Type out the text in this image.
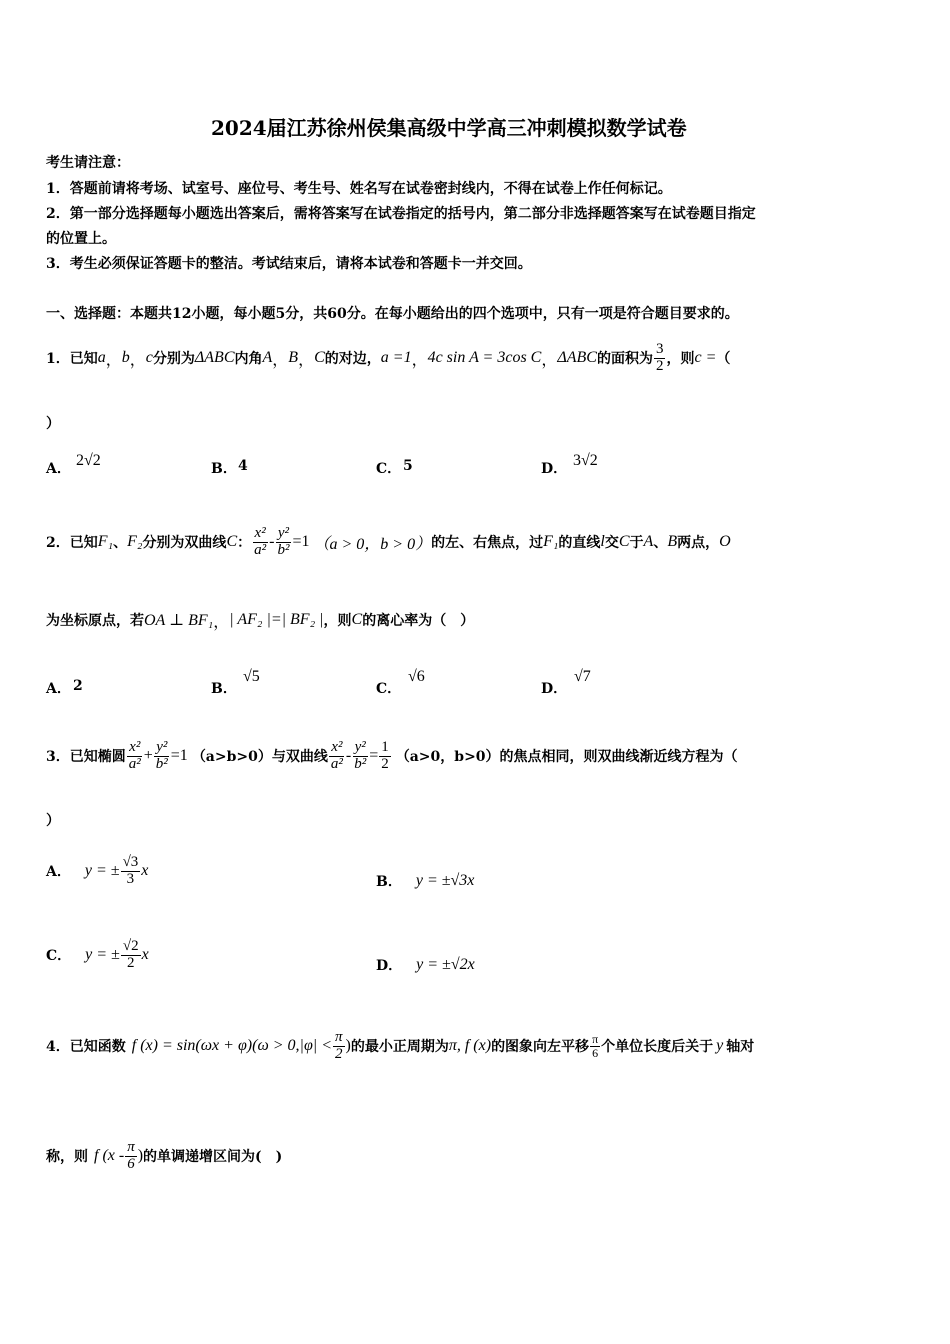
2024届江苏徐州侯集高级中学高三冲刺模拟数学试卷
考生请注意：
1．答题前请将考场、试室号、座位号、考生号、姓名写在试卷密封线内，不得在试卷上作任何标记。
2．第一部分选择题每小题选出答案后，需将答案写在试卷指定的括号内，第二部分非选择题答案写在试卷题目指定
的位置上。
3．考生必须保证答题卡的整洁。考试结束后，请将本试卷和答题卡一并交回。
一、选择题：本题共12小题，每小题5分，共60分。在每小题给出的四个选项中，只有一项是符合题目要求的。
1．已知 a ， b ， c 分别为 ΔABC 内角 A ， B ， C 的对边， a =1 ， 4c sin A = 3cos C ， ΔABC 的面积为 $\frac{3}{2}$ ，则 c = （
）
A． 2√2	B． 4	C． 5	D． 3√2
2．已知 F₁ 、 F₂ 分别为双曲线 C ： $\frac{\text{x²}}{\text{a²}} - \frac{\text{y²}}{\text{b²}} =1$ （a > 0，b > 0） 的左、右焦点，过 F₁ 的直线 l 交 C 于 A 、 B 两点， O
为坐标原点，若 OA ⊥ BF₁ ， | AF₂ |=| BF₂ | ，则 C 的离心率为（　）
A． 2	B．
√5
C．
√6
D．
√7
3．已知椭圆 $\frac{\text{x²}}{\text{a²}} + \frac{\text{y²}}{\text{b²}} =1$ （a>b>0） 与双曲线 $\frac{\text{x²}}{\text{a²}} - \frac{\text{y²}}{\text{b²}} = \frac{1}{2} (a>0$，b>0） 的焦点相同，则双曲线渐近线方程为（
）
A． y = ± $\frac{√3}{3}$ x
B． y = ±√3x
C． y = ± $\frac{√2}{2}$ x
D． y = ±√2x
4．已知函数 f $(x) = \sin(\omega x + \varphi)(\omega > 0,|\varphi| < \frac{\pi}{2}$ ) 的最小正周期为 π, f (x) 的图象向左平移 $\frac{\pi}{6}$ 个单位长度后关于 y 轴对
称，则 f ($x - \frac{\pi}{6}$ ) 的单调递增区间为(　)
